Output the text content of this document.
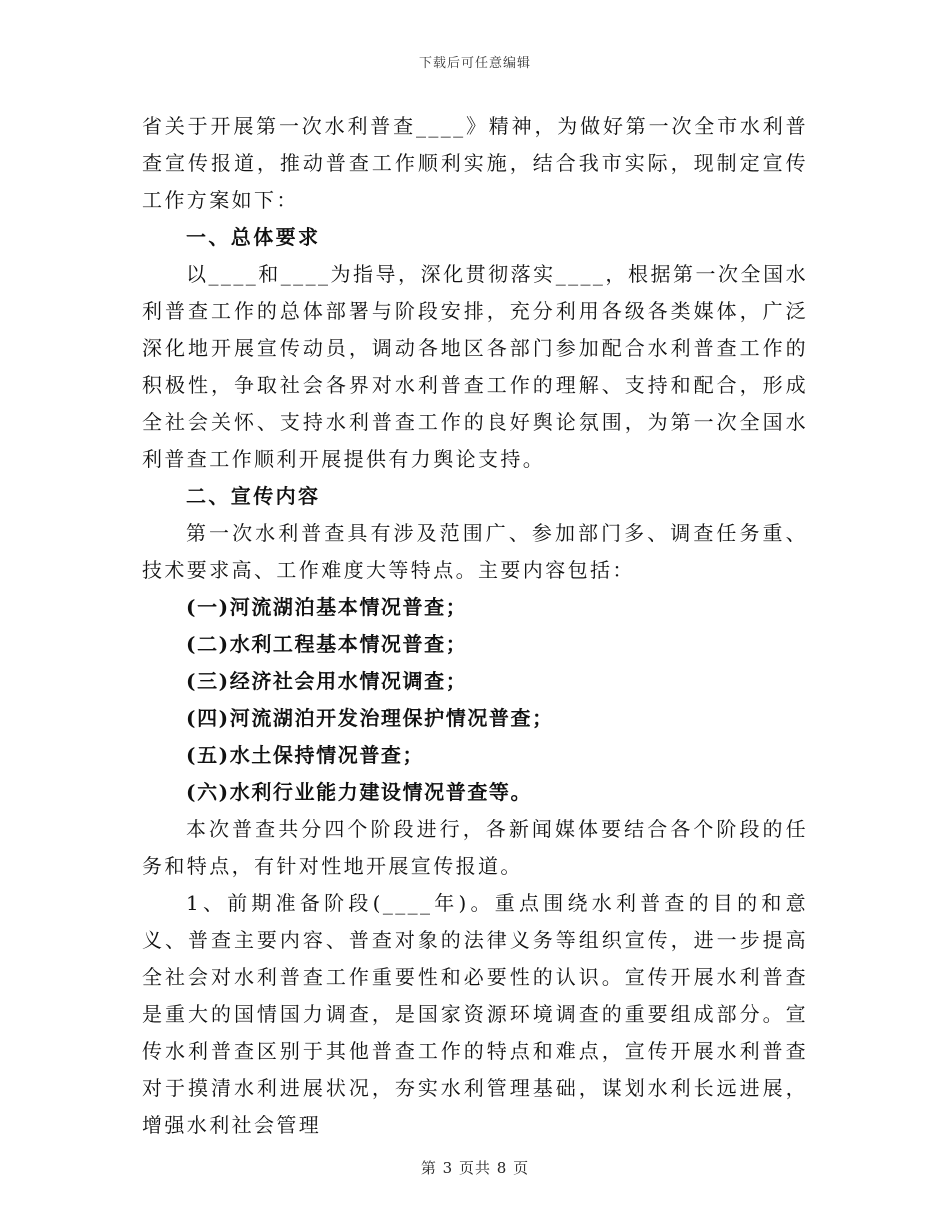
下载后可任意编辑

省关于开展第一次水利普查____》精神，为做好第一次全市水利普查宣传报道，推动普查工作顺利实施，结合我市实际，现制定宣传工作方案如下：

一、总体要求

以____和____为指导，深化贯彻落实____，根据第一次全国水利普查工作的总体部署与阶段安排，充分利用各级各类媒体，广泛深化地开展宣传动员，调动各地区各部门参加配合水利普查工作的积极性，争取社会各界对水利普查工作的理解、支持和配合，形成全社会关怀、支持水利普查工作的良好舆论氛围，为第一次全国水利普查工作顺利开展提供有力舆论支持。

二、宣传内容

第一次水利普查具有涉及范围广、参加部门多、调查任务重、技术要求高、工作难度大等特点。主要内容包括：

(一)河流湖泊基本情况普查；

(二)水利工程基本情况普查；

(三)经济社会用水情况调查；

(四)河流湖泊开发治理保护情况普查；

(五)水土保持情况普查；

(六)水利行业能力建设情况普查等。

本次普查共分四个阶段进行，各新闻媒体要结合各个阶段的任务和特点，有针对性地开展宣传报道。

1、前期准备阶段(____年)。重点围绕水利普查的目的和意义、普查主要内容、普查对象的法律义务等组织宣传，进一步提高全社会对水利普查工作重要性和必要性的认识。宣传开展水利普查是重大的国情国力调查，是国家资源环境调查的重要组成部分。宣传水利普查区别于其他普查工作的特点和难点，宣传开展水利普查对于摸清水利进展状况，夯实水利管理基础，谋划水利长远进展，增强水利社会管理

第 3 页共 8 页
